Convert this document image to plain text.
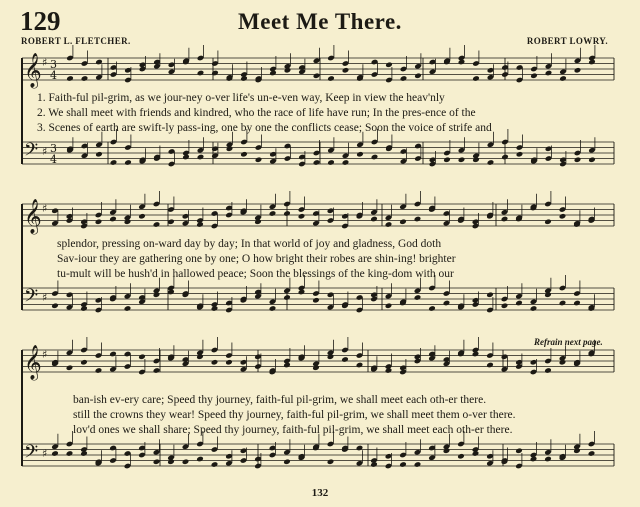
129	Meet Me There.
ROBERT L. FLETCHER.	ROBERT LOWRY.
𝄞
𝄢
♯
♯
3
4
3
4
𝄞
𝄢
♯
♯
𝄞
𝄢
♯
♯
1. Faith-ful pil-grim, as we jour-ney o-ver life's un-e-ven way, Keep in view the heav'nly
2. We shall meet with friends and kindred, who the race of life have run; In the pres-ence of the
3. Scenes of earth are swift-ly pass-ing, one by one the conflicts cease; Soon the voice of strife and
splendor, pressing on-ward day by day; In that world of joy and gladness, God doth
Sav-iour they are gathering one by one; O how bright their robes are shin-ing! brighter
tu-mult will be hush'd in hallowed peace; Soon the blessings of the king-dom with our
Refrain next page.
ban-ish ev-ery care; Speed thy journey, faith-ful pil-grim, we shall meet each oth-er there.
still the crowns they wear! Speed thy journey, faith-ful pil-grim, we shall meet them o-ver there.
lov'd ones we shall share; Speed thy journey, faith-ful pil-grim, we shall meet each oth-er there.
132
